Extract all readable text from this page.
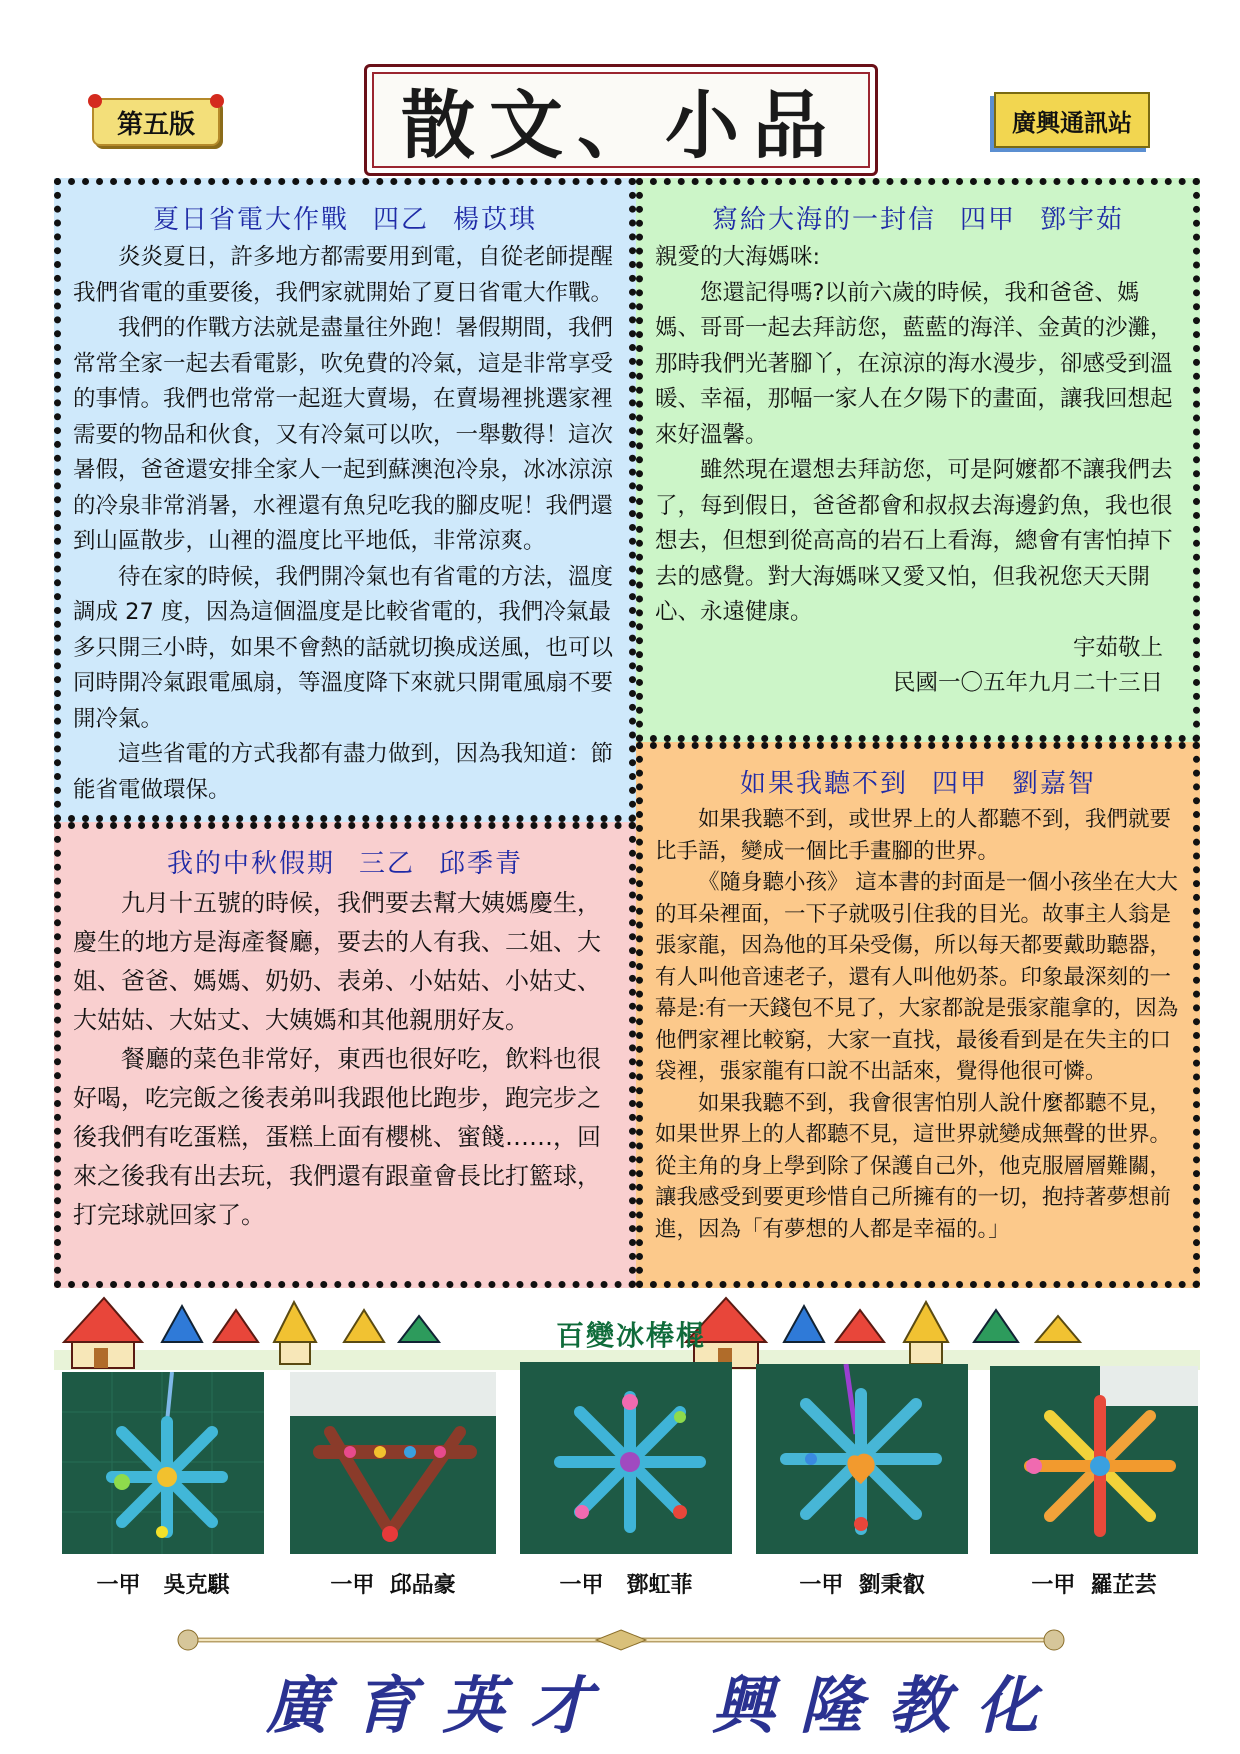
第五版	散文、小品	廣興通訊站
夏日省電大作戰 四乙 楊苡琪

炎炎夏日，許多地方都需要用到電，自從老師提醒我們省電的重要後，我們家就開始了夏日省電大作戰。

我們的作戰方法就是盡量往外跑！暑假期間，我們常常全家一起去看電影，吹免費的冷氣，這是非常享受的事情。我們也常常一起逛大賣場，在賣場裡挑選家裡需要的物品和伙食，又有冷氣可以吹，一舉數得！這次暑假，爸爸還安排全家人一起到蘇澳泡冷泉，冰冰涼涼的冷泉非常消暑，水裡還有魚兒吃我的腳皮呢！我們還到山區散步，山裡的溫度比平地低，非常涼爽。

待在家的時候，我們開冷氣也有省電的方法，溫度調成 27 度，因為這個溫度是比較省電的，我們冷氣最多只開三小時，如果不會熱的話就切換成送風，也可以同時開冷氣跟電風扇，等溫度降下來就只開電風扇不要開冷氣。

這些省電的方式我都有盡力做到，因為我知道：節能省電做環保。

寫給大海的一封信 四甲 鄧宇茹

親愛的大海媽咪:

您還記得嗎?以前六歲的時候，我和爸爸、媽媽、哥哥一起去拜訪您，藍藍的海洋、金黃的沙灘，那時我們光著腳丫，在涼涼的海水漫步，卻感受到溫暖、幸福，那幅一家人在夕陽下的畫面，讓我回想起來好溫馨。

雖然現在還想去拜訪您，可是阿嬤都不讓我們去了，每到假日，爸爸都會和叔叔去海邊釣魚，我也很想去，但想到從高高的岩石上看海，總會有害怕掉下去的感覺。對大海媽咪又愛又怕，但我祝您天天開心、永遠健康。

宇茹敬上

民國一〇五年九月二十三日

我的中秋假期 三乙 邱季青

九月十五號的時候，我們要去幫大姨媽慶生，慶生的地方是海產餐廳，要去的人有我、二姐、大姐、爸爸、媽媽、奶奶、表弟、小姑姑、小姑丈、大姑姑、大姑丈、大姨媽和其他親朋好友。

餐廳的菜色非常好，東西也很好吃，飲料也很好喝，吃完飯之後表弟叫我跟他比跑步，跑完步之後我們有吃蛋糕，蛋糕上面有櫻桃、蜜餞……，回來之後我有出去玩，我們還有跟童會長比打籃球，打完球就回家了。

如果我聽不到 四甲 劉嘉智

如果我聽不到，或世界上的人都聽不到，我們就要比手語，變成一個比手畫腳的世界。

《隨身聽小孩》 這本書的封面是一個小孩坐在大大的耳朵裡面，一下子就吸引住我的目光。故事主人翁是張家龍，因為他的耳朵受傷，所以每天都要戴助聽器，有人叫他音速老子，還有人叫他奶茶。印象最深刻的一幕是:有一天錢包不見了，大家都說是張家龍拿的，因為他們家裡比較窮，大家一直找，最後看到是在失主的口袋裡，張家龍有口說不出話來，覺得他很可憐。

如果我聽不到，我會很害怕別人說什麼都聽不見，如果世界上的人都聽不見，這世界就變成無聲的世界。從主角的身上學到除了保護自己外，他克服層層難關，讓我感受到要更珍惜自己所擁有的一切，抱持著夢想前進，因為「有夢想的人都是幸福的。」

百變冰棒棍
一甲 吳克騏	一甲 邱品豪	一甲 鄧虹菲	一甲 劉秉叡	一甲 羅芷芸
廣育英才 興隆教化
